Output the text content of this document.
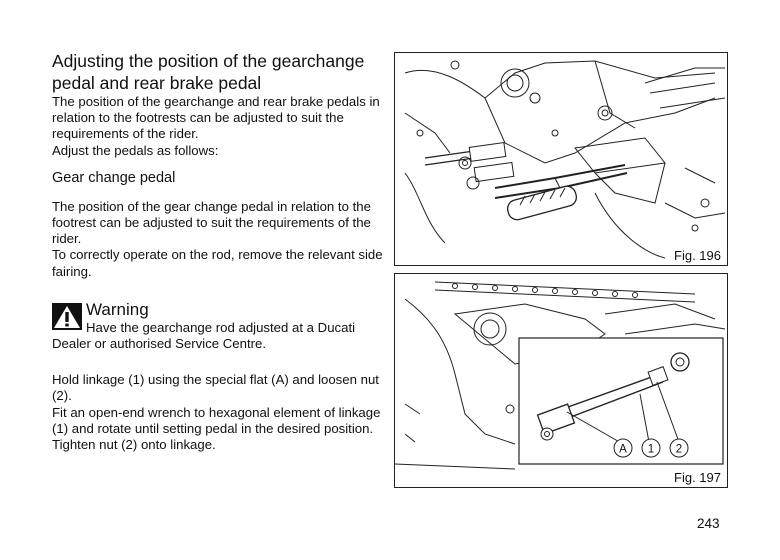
Adjusting the position of the gearchange pedal and rear brake pedal

The position of the gearchange and rear brake pedals in relation to the footrests can be adjusted to suit the requirements of the rider.

Adjust the pedals as follows:

Gear change pedal

The position of the gear change pedal in relation to the footrest can be adjusted to suit the requirements of the rider.

To correctly operate on the rod, remove the relevant side fairing.

Warning

Have the gearchange rod adjusted at a Ducati Dealer or authorised Service Centre.

Hold linkage (1) using the special flat (A) and loosen nut (2).

Fit an open-end wrench to hexagonal element of linkage (1) and rotate until setting pedal in the desired position.

Tighten nut (2) onto linkage.

Fig. 196
A 1 2
Fig. 197
243
